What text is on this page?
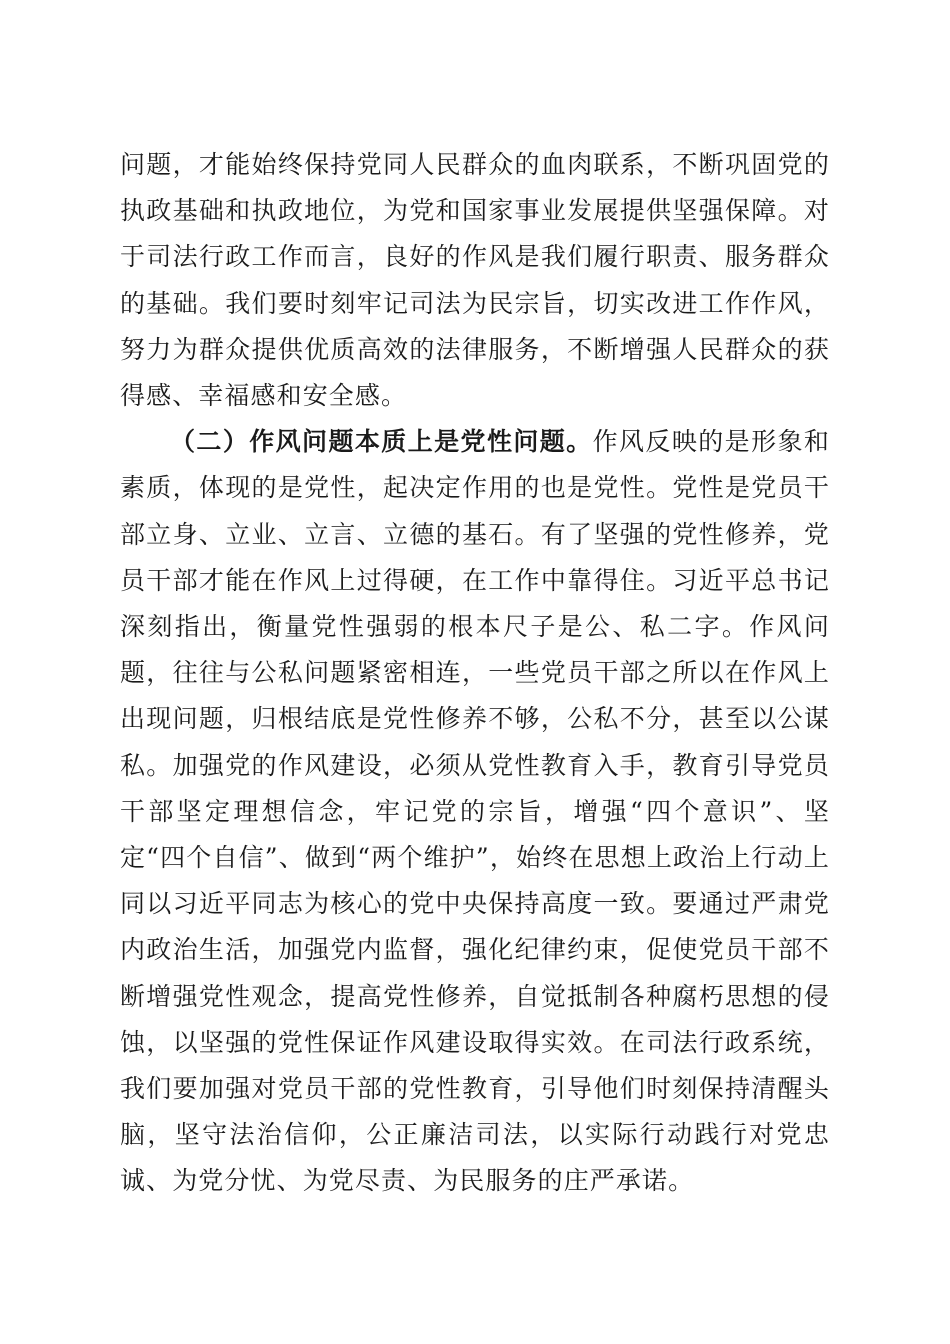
问题，才能始终保持党同人民群众的血肉联系，不断巩固党的执政基础和执政地位，为党和国家事业发展提供坚强保障。对于司法行政工作而言，良好的作风是我们履行职责、服务群众的基础。我们要时刻牢记司法为民宗旨，切实改进工作作风，努力为群众提供优质高效的法律服务，不断增强人民群众的获得感、幸福感和安全感。

（二）作风问题本质上是党性问题。作风反映的是形象和素质，体现的是党性，起决定作用的也是党性。党性是党员干部立身、立业、立言、立德的基石。有了坚强的党性修养，党员干部才能在作风上过得硬，在工作中靠得住。习近平总书记深刻指出，衡量党性强弱的根本尺子是公、私二字。作风问题，往往与公私问题紧密相连，一些党员干部之所以在作风上出现问题，归根结底是党性修养不够，公私不分，甚至以公谋私。加强党的作风建设，必须从党性教育入手，教育引导党员干部坚定理想信念，牢记党的宗旨，增强“四个意识”、坚定“四个自信”、做到“两个维护”，始终在思想上政治上行动上同以习近平同志为核心的党中央保持高度一致。要通过严肃党内政治生活，加强党内监督，强化纪律约束，促使党员干部不断增强党性观念，提高党性修养，自觉抵制各种腐朽思想的侵蚀，以坚强的党性保证作风建设取得实效。在司法行政系统，我们要加强对党员干部的党性教育，引导他们时刻保持清醒头脑，坚守法治信仰，公正廉洁司法，以实际行动践行对党忠诚、为党分忧、为党尽责、为民服务的庄严承诺。
